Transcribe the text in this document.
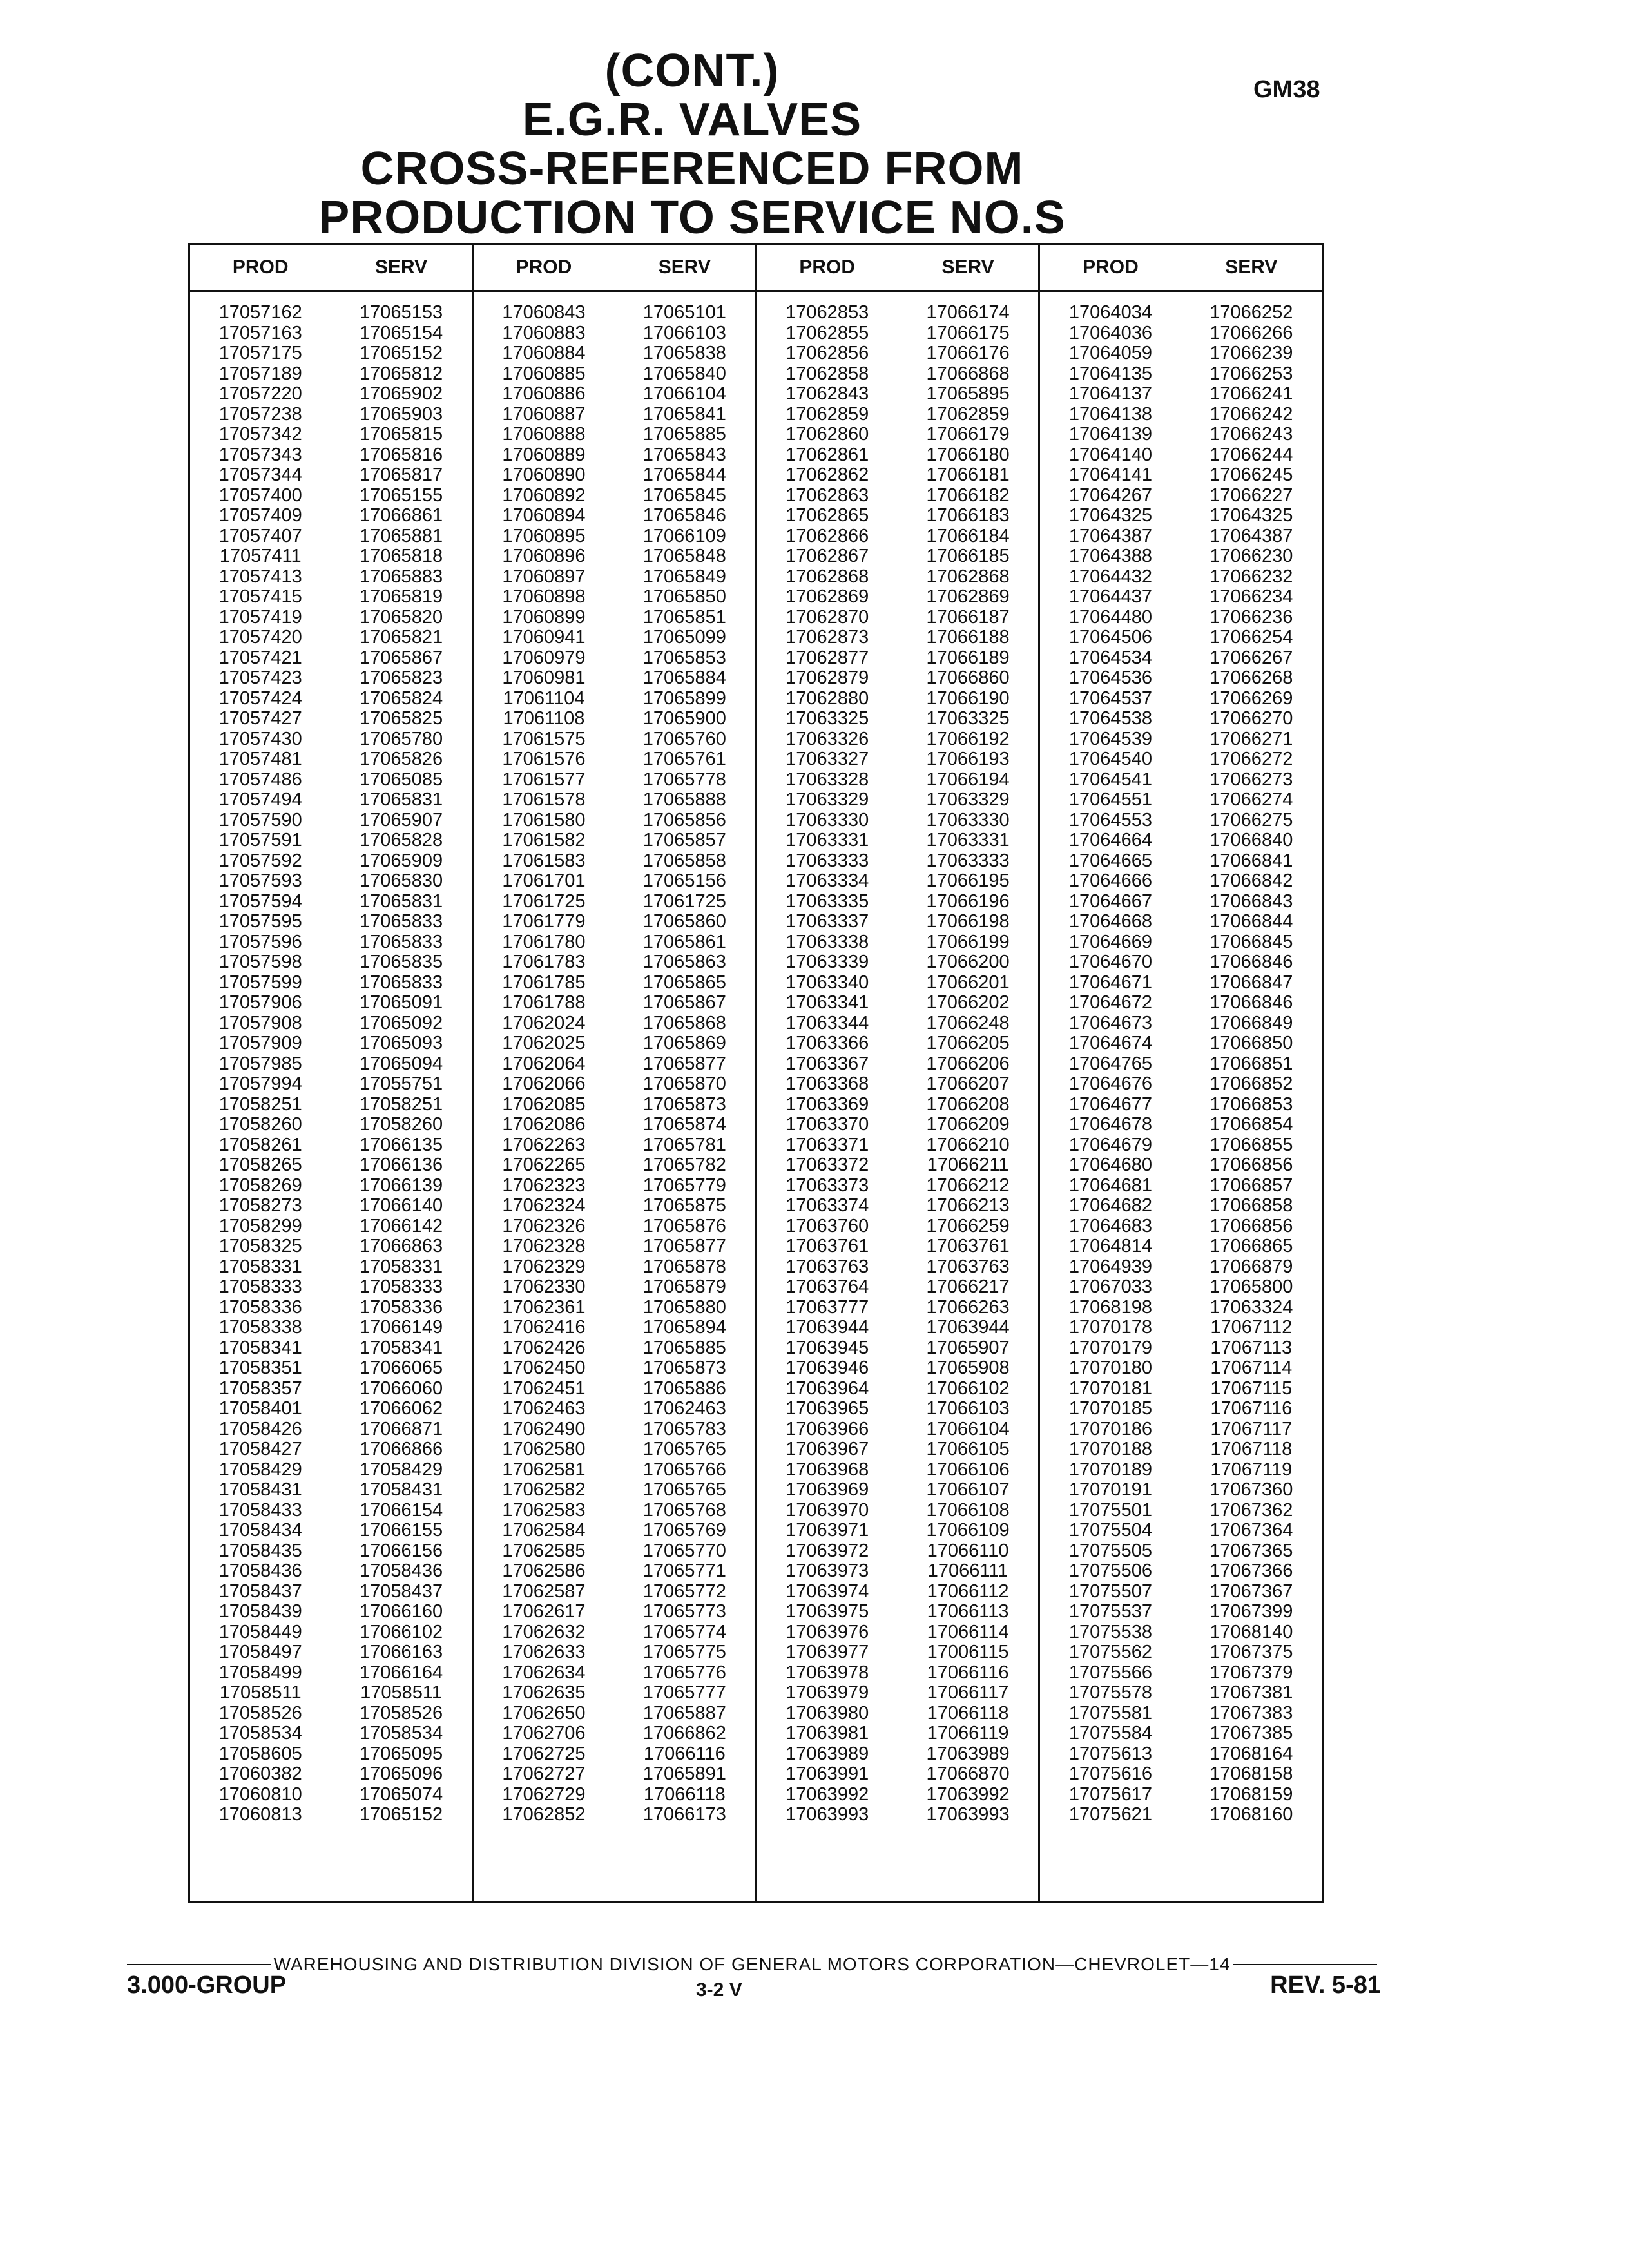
(CONT.)
E.G.R. VALVES
CROSS-REFERENCED FROM
PRODUCTION TO SERVICE NO.S
GM38
PROD	SERV
17057162	17065153
17057163	17065154
17057175	17065152
17057189	17065812
17057220	17065902
17057238	17065903
17057342	17065815
17057343	17065816
17057344	17065817
17057400	17065155
17057409	17066861
17057407	17065881
17057411	17065818
17057413	17065883
17057415	17065819
17057419	17065820
17057420	17065821
17057421	17065867
17057423	17065823
17057424	17065824
17057427	17065825
17057430	17065780
17057481	17065826
17057486	17065085
17057494	17065831
17057590	17065907
17057591	17065828
17057592	17065909
17057593	17065830
17057594	17065831
17057595	17065833
17057596	17065833
17057598	17065835
17057599	17065833
17057906	17065091
17057908	17065092
17057909	17065093
17057985	17065094
17057994	17055751
17058251	17058251
17058260	17058260
17058261	17066135
17058265	17066136
17058269	17066139
17058273	17066140
17058299	17066142
17058325	17066863
17058331	17058331
17058333	17058333
17058336	17058336
17058338	17066149
17058341	17058341
17058351	17066065
17058357	17066060
17058401	17066062
17058426	17066871
17058427	17066866
17058429	17058429
17058431	17058431
17058433	17066154
17058434	17066155
17058435	17066156
17058436	17058436
17058437	17058437
17058439	17066160
17058449	17066102
17058497	17066163
17058499	17066164
17058511	17058511
17058526	17058526
17058534	17058534
17058605	17065095
17060382	17065096
17060810	17065074
17060813	17065152
PROD	SERV
17060843	17065101
17060883	17066103
17060884	17065838
17060885	17065840
17060886	17066104
17060887	17065841
17060888	17065885
17060889	17065843
17060890	17065844
17060892	17065845
17060894	17065846
17060895	17066109
17060896	17065848
17060897	17065849
17060898	17065850
17060899	17065851
17060941	17065099
17060979	17065853
17060981	17065884
17061104	17065899
17061108	17065900
17061575	17065760
17061576	17065761
17061577	17065778
17061578	17065888
17061580	17065856
17061582	17065857
17061583	17065858
17061701	17065156
17061725	17061725
17061779	17065860
17061780	17065861
17061783	17065863
17061785	17065865
17061788	17065867
17062024	17065868
17062025	17065869
17062064	17065877
17062066	17065870
17062085	17065873
17062086	17065874
17062263	17065781
17062265	17065782
17062323	17065779
17062324	17065875
17062326	17065876
17062328	17065877
17062329	17065878
17062330	17065879
17062361	17065880
17062416	17065894
17062426	17065885
17062450	17065873
17062451	17065886
17062463	17062463
17062490	17065783
17062580	17065765
17062581	17065766
17062582	17065765
17062583	17065768
17062584	17065769
17062585	17065770
17062586	17065771
17062587	17065772
17062617	17065773
17062632	17065774
17062633	17065775
17062634	17065776
17062635	17065777
17062650	17065887
17062706	17066862
17062725	17066116
17062727	17065891
17062729	17066118
17062852	17066173
PROD	SERV
17062853	17066174
17062855	17066175
17062856	17066176
17062858	17066868
17062843	17065895
17062859	17062859
17062860	17066179
17062861	17066180
17062862	17066181
17062863	17066182
17062865	17066183
17062866	17066184
17062867	17066185
17062868	17062868
17062869	17062869
17062870	17066187
17062873	17066188
17062877	17066189
17062879	17066860
17062880	17066190
17063325	17063325
17063326	17066192
17063327	17066193
17063328	17066194
17063329	17063329
17063330	17063330
17063331	17063331
17063333	17063333
17063334	17066195
17063335	17066196
17063337	17066198
17063338	17066199
17063339	17066200
17063340	17066201
17063341	17066202
17063344	17066248
17063366	17066205
17063367	17066206
17063368	17066207
17063369	17066208
17063370	17066209
17063371	17066210
17063372	17066211
17063373	17066212
17063374	17066213
17063760	17066259
17063761	17063761
17063763	17063763
17063764	17066217
17063777	17066263
17063944	17063944
17063945	17065907
17063946	17065908
17063964	17066102
17063965	17066103
17063966	17066104
17063967	17066105
17063968	17066106
17063969	17066107
17063970	17066108
17063971	17066109
17063972	17066110
17063973	17066111
17063974	17066112
17063975	17066113
17063976	17066114
17063977	17006115
17063978	17066116
17063979	17066117
17063980	17066118
17063981	17066119
17063989	17063989
17063991	17066870
17063992	17063992
17063993	17063993
PROD	SERV
17064034	17066252
17064036	17066266
17064059	17066239
17064135	17066253
17064137	17066241
17064138	17066242
17064139	17066243
17064140	17066244
17064141	17066245
17064267	17066227
17064325	17064325
17064387	17064387
17064388	17066230
17064432	17066232
17064437	17066234
17064480	17066236
17064506	17066254
17064534	17066267
17064536	17066268
17064537	17066269
17064538	17066270
17064539	17066271
17064540	17066272
17064541	17066273
17064551	17066274
17064553	17066275
17064664	17066840
17064665	17066841
17064666	17066842
17064667	17066843
17064668	17066844
17064669	17066845
17064670	17066846
17064671	17066847
17064672	17066846
17064673	17066849
17064674	17066850
17064765	17066851
17064676	17066852
17064677	17066853
17064678	17066854
17064679	17066855
17064680	17066856
17064681	17066857
17064682	17066858
17064683	17066856
17064814	17066865
17064939	17066879
17067033	17065800
17068198	17063324
17070178	17067112
17070179	17067113
17070180	17067114
17070181	17067115
17070185	17067116
17070186	17067117
17070188	17067118
17070189	17067119
17070191	17067360
17075501	17067362
17075504	17067364
17075505	17067365
17075506	17067366
17075507	17067367
17075537	17067399
17075538	17068140
17075562	17067375
17075566	17067379
17075578	17067381
17075581	17067383
17075584	17067385
17075613	17068164
17075616	17068158
17075617	17068159
17075621	17068160
WAREHOUSING AND DISTRIBUTION DIVISION OF GENERAL MOTORS CORPORATION—CHEVROLET—14
3.000-GROUP	3-2 V	REV. 5-81
